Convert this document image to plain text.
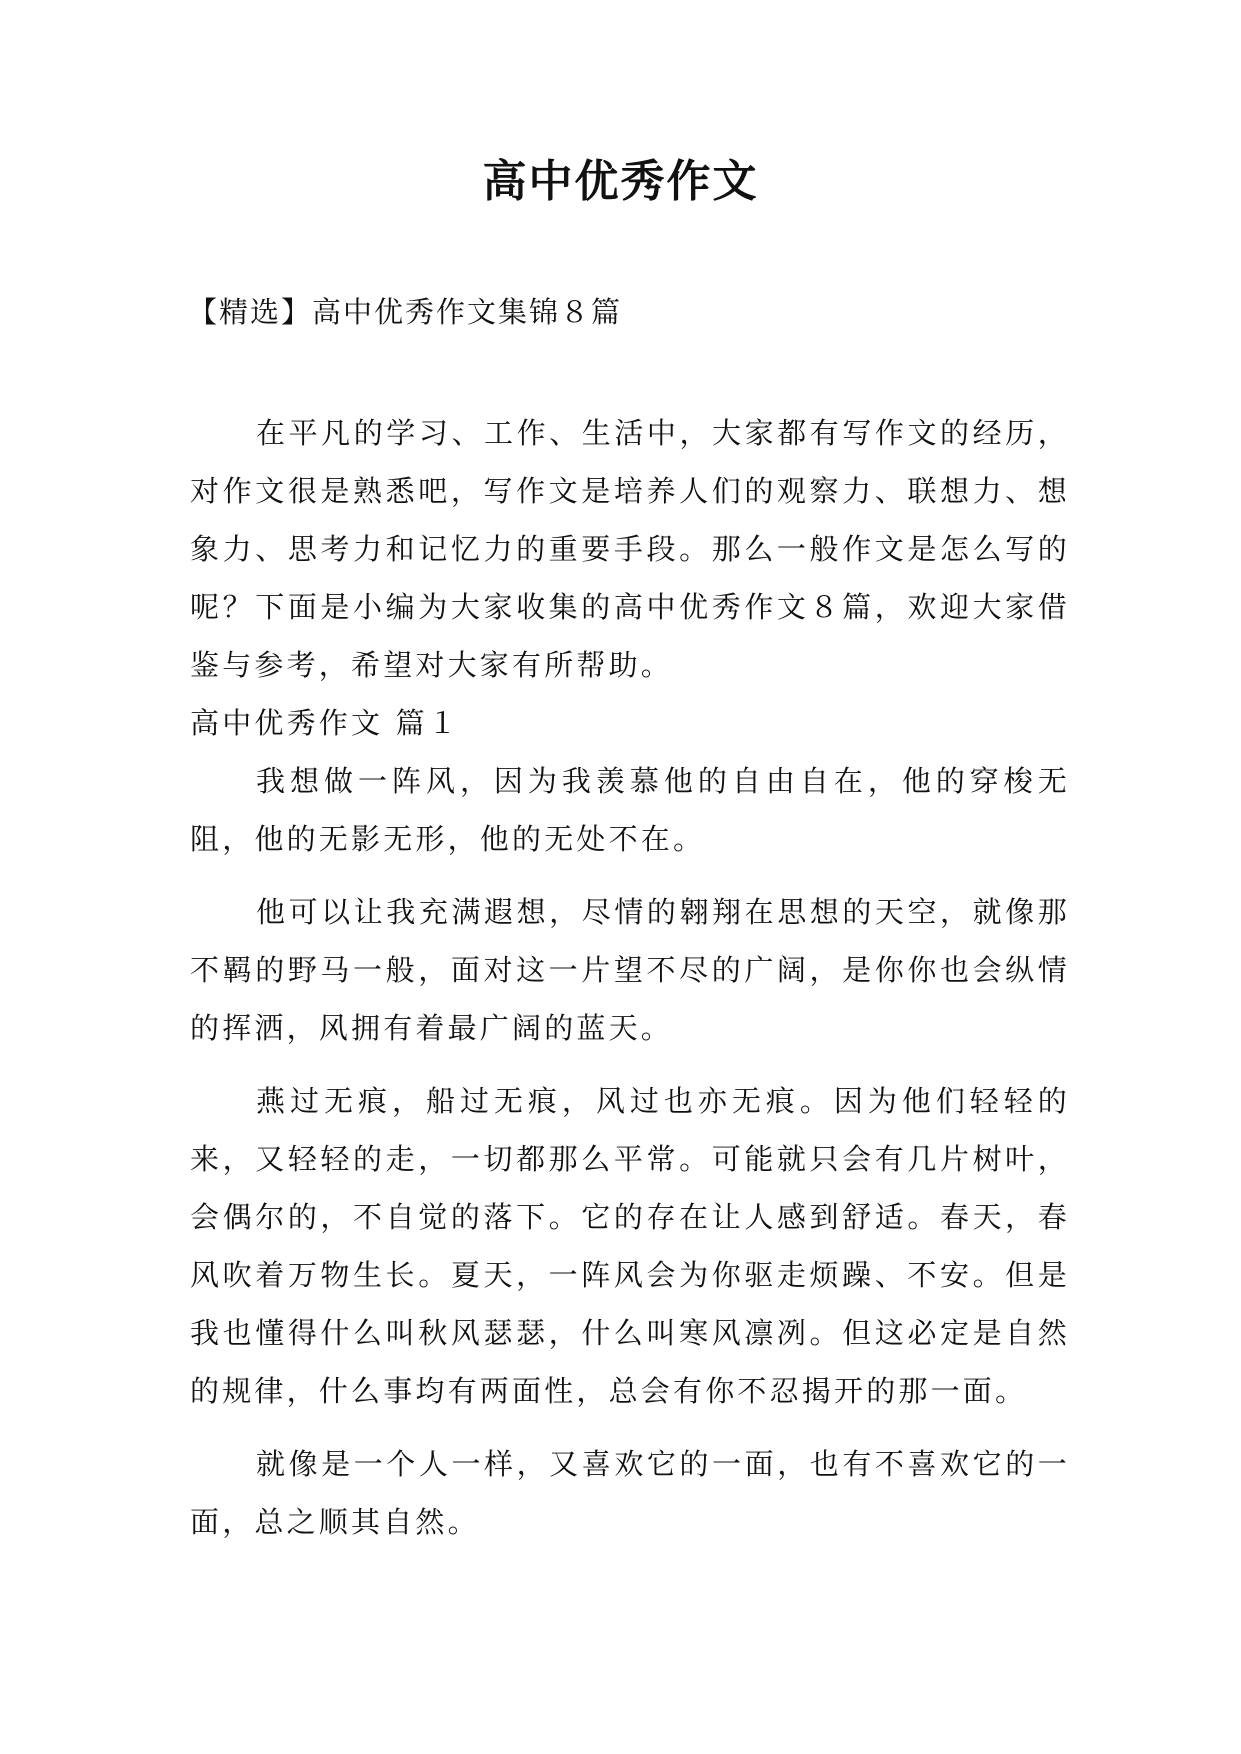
高中优秀作文
【精选】高中优秀作文集锦８篇

在平凡的学习、工作、生活中，大家都有写作文的经历，对作文很是熟悉吧，写作文是培养人们的观察力、联想力、想象力、思考力和记忆力的重要手段。那么一般作文是怎么写的呢？下面是小编为大家收集的高中优秀作文８篇，欢迎大家借鉴与参考，希望对大家有所帮助。

高中优秀作文 篇１

我想做一阵风，因为我羡慕他的自由自在，他的穿梭无阻，他的无影无形，他的无处不在。

他可以让我充满遐想，尽情的翱翔在思想的天空，就像那不羁的野马一般，面对这一片望不尽的广阔，是你你也会纵情的挥洒，风拥有着最广阔的蓝天。

燕过无痕，船过无痕，风过也亦无痕。因为他们轻轻的来，又轻轻的走，一切都那么平常。可能就只会有几片树叶，会偶尔的，不自觉的落下。它的存在让人感到舒适。春天，春风吹着万物生长。夏天，一阵风会为你驱走烦躁、不安。但是我也懂得什么叫秋风瑟瑟，什么叫寒风凛冽。但这必定是自然的规律，什么事均有两面性，总会有你不忍揭开的那一面。

就像是一个人一样，又喜欢它的一面，也有不喜欢它的一面，总之顺其自然。
